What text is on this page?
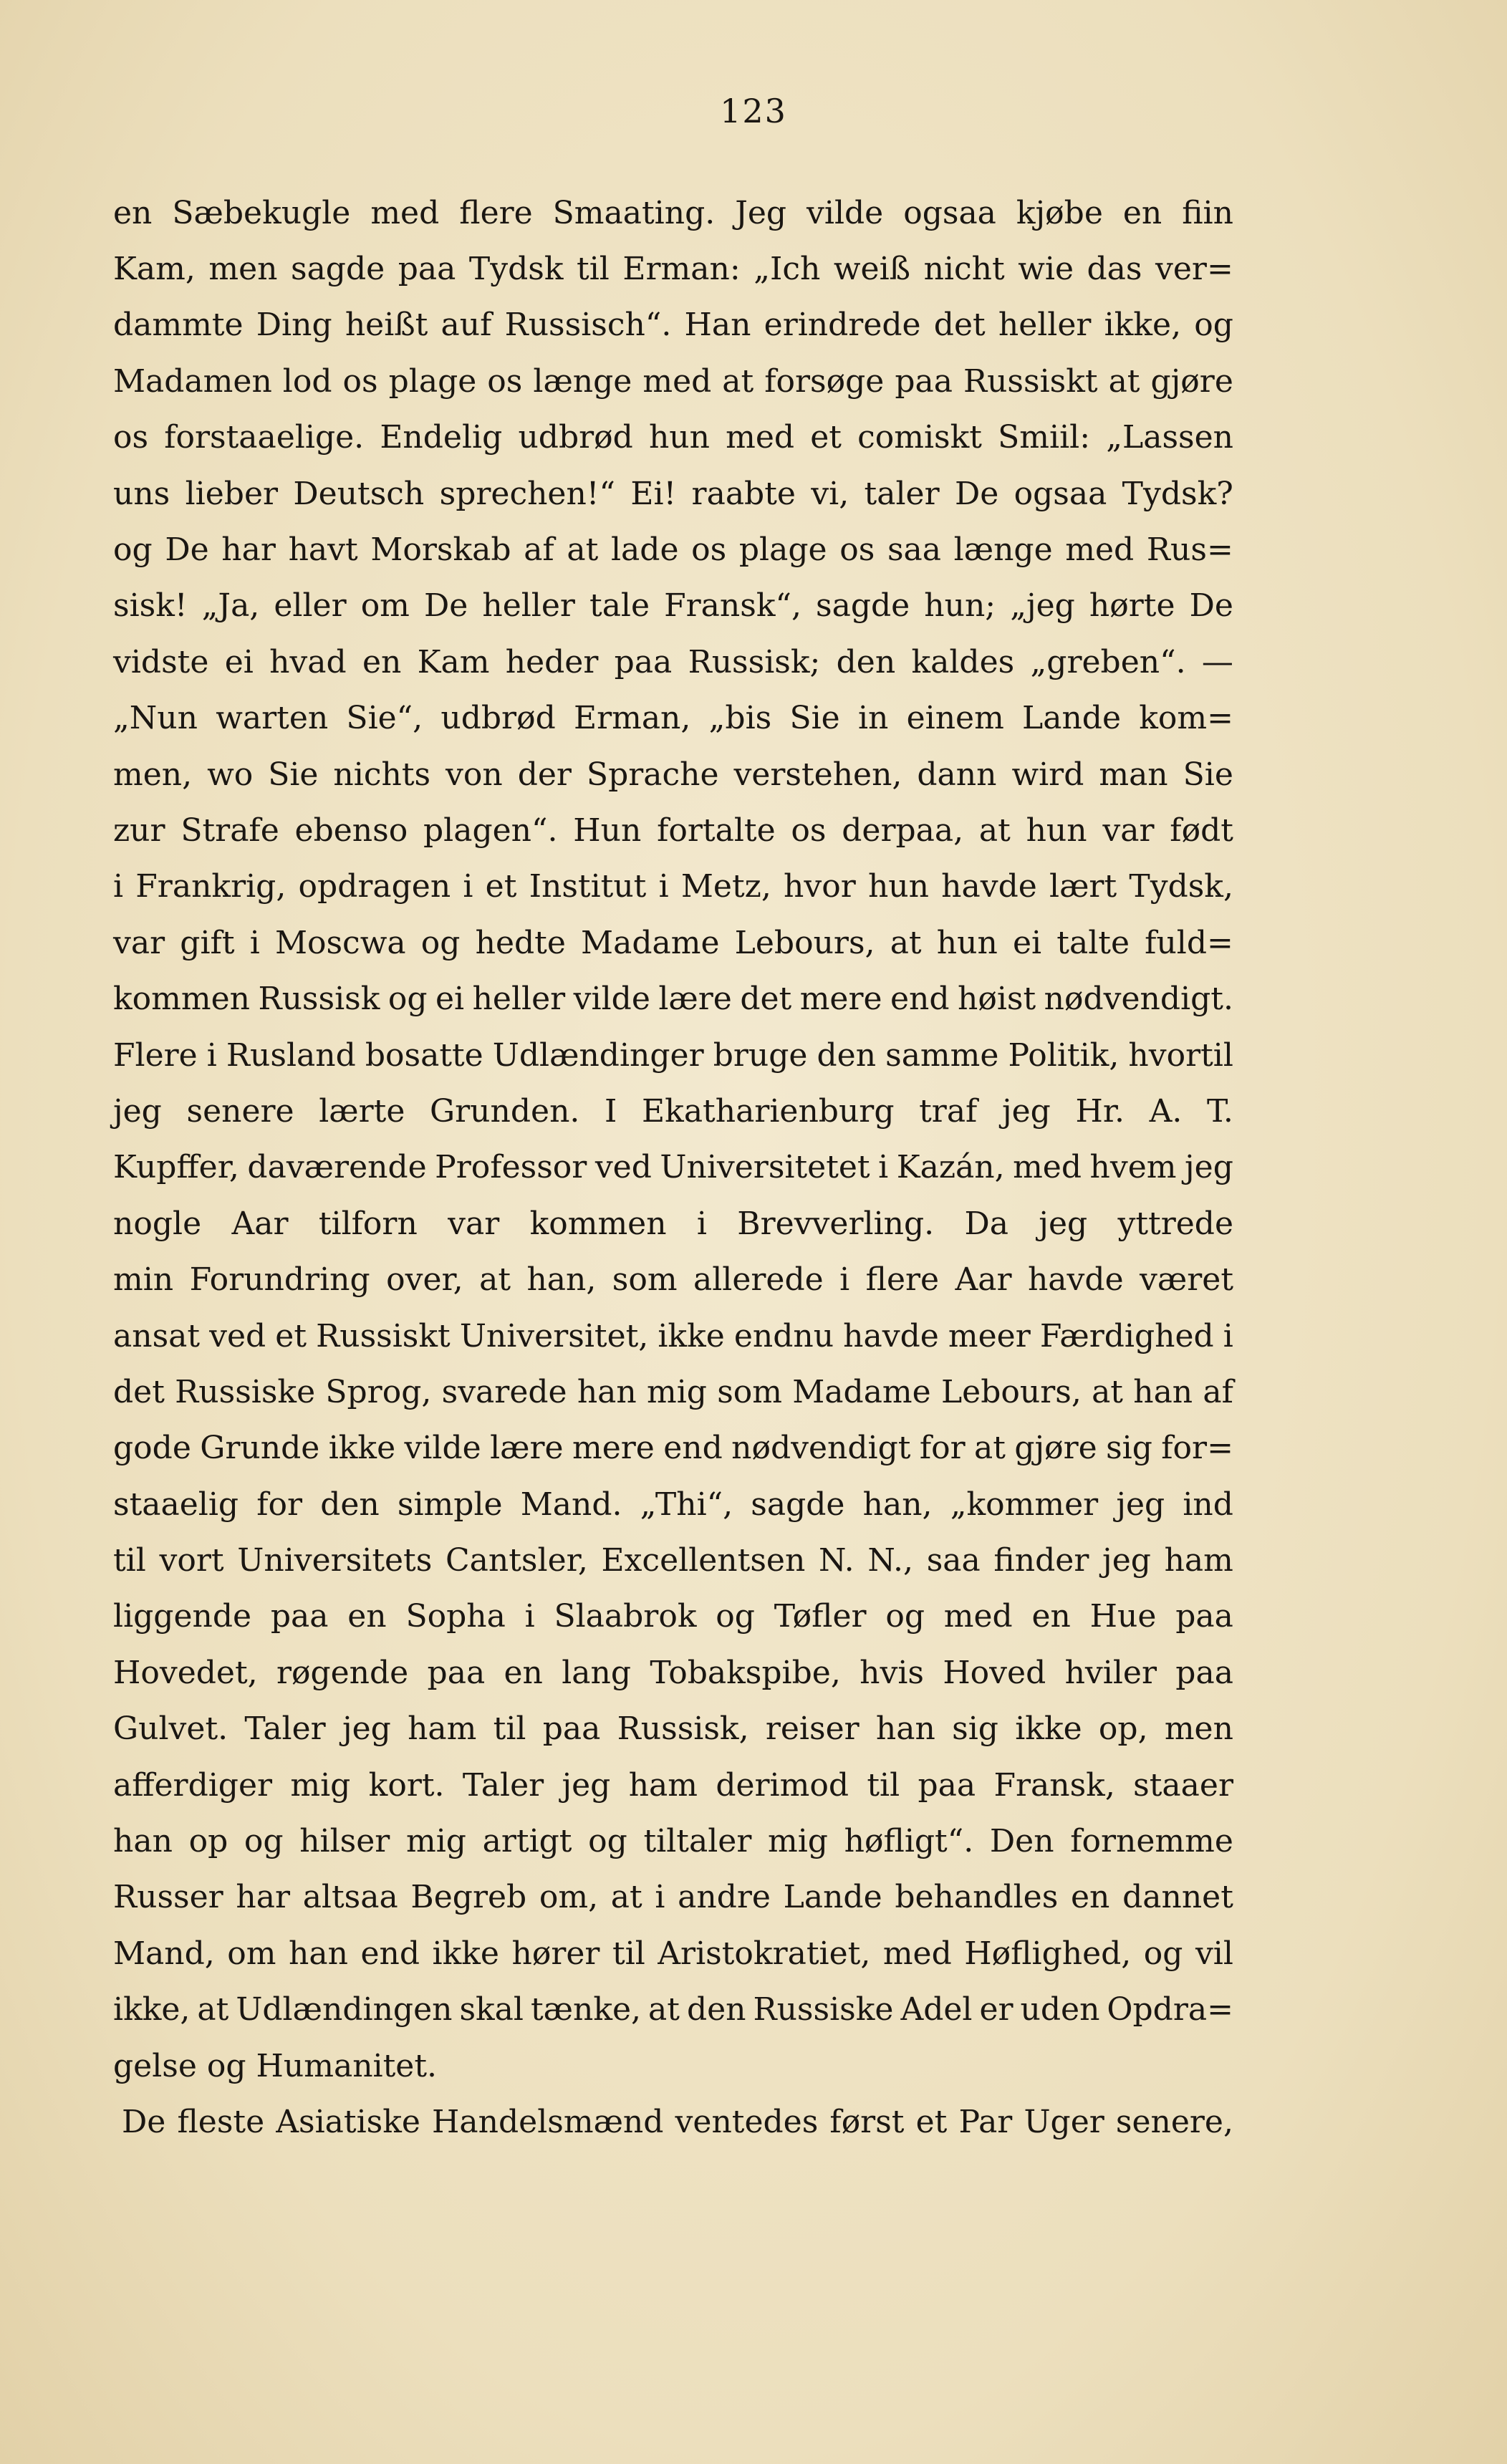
123
en Sæbekugle med flere Smaating. Jeg vilde ogsaa kjøbe en fiin
Kam, men sagde paa Tydsk til Erman: „Ich weiß nicht wie das ver=
dammte Ding heißt auf Russisch“. Han erindrede det heller ikke, og
Madamen lod os plage os længe med at forsøge paa Russiskt at gjøre
os forstaaelige. Endelig udbrød hun med et comiskt Smiil: „Lassen
uns lieber Deutsch sprechen!“ Ei! raabte vi, taler De ogsaa Tydsk?
og De har havt Morskab af at lade os plage os saa længe med Rus=
sisk! „Ja, eller om De heller tale Fransk“, sagde hun; „jeg hørte De
vidste ei hvad en Kam heder paa Russisk; den kaldes „greben“. —
„Nun warten Sie“, udbrød Erman, „bis Sie in einem Lande kom=
men, wo Sie nichts von der Sprache verstehen, dann wird man Sie
zur Strafe ebenso plagen“. Hun fortalte os derpaa, at hun var født
i Frankrig, opdragen i et Institut i Metz, hvor hun havde lært Tydsk,
var gift i Moscwa og hedte Madame Lebours, at hun ei talte fuld=
kommen Russisk og ei heller vilde lære det mere end høist nødvendigt.
Flere i Rusland bosatte Udlændinger bruge den samme Politik, hvortil
jeg senere lærte Grunden. I Ekatharienburg traf jeg Hr. A. T.
Kupffer, daværende Professor ved Universitetet i Kazán, med hvem jeg
nogle Aar tilforn var kommen i Brevverling. Da jeg yttrede
min Forundring over, at han, som allerede i flere Aar havde været
ansat ved et Russiskt Universitet, ikke endnu havde meer Færdighed i
det Russiske Sprog, svarede han mig som Madame Lebours, at han af
gode Grunde ikke vilde lære mere end nødvendigt for at gjøre sig for=
staaelig for den simple Mand. „Thi“, sagde han, „kommer jeg ind
til vort Universitets Cantsler, Excellentsen N. N., saa finder jeg ham
liggende paa en Sopha i Slaabrok og Tøfler og med en Hue paa
Hovedet, røgende paa en lang Tobakspibe, hvis Hoved hviler paa
Gulvet. Taler jeg ham til paa Russisk, reiser han sig ikke op, men
afferdiger mig kort. Taler jeg ham derimod til paa Fransk, staaer
han op og hilser mig artigt og tiltaler mig høfligt“. Den fornemme
Russer har altsaa Begreb om, at i andre Lande behandles en dannet
Mand, om han end ikke hører til Aristokratiet, med Høflighed, og vil
ikke, at Udlændingen skal tænke, at den Russiske Adel er uden Opdra=
gelse og Humanitet.
De fleste Asiatiske Handelsmænd ventedes først et Par Uger senere,
